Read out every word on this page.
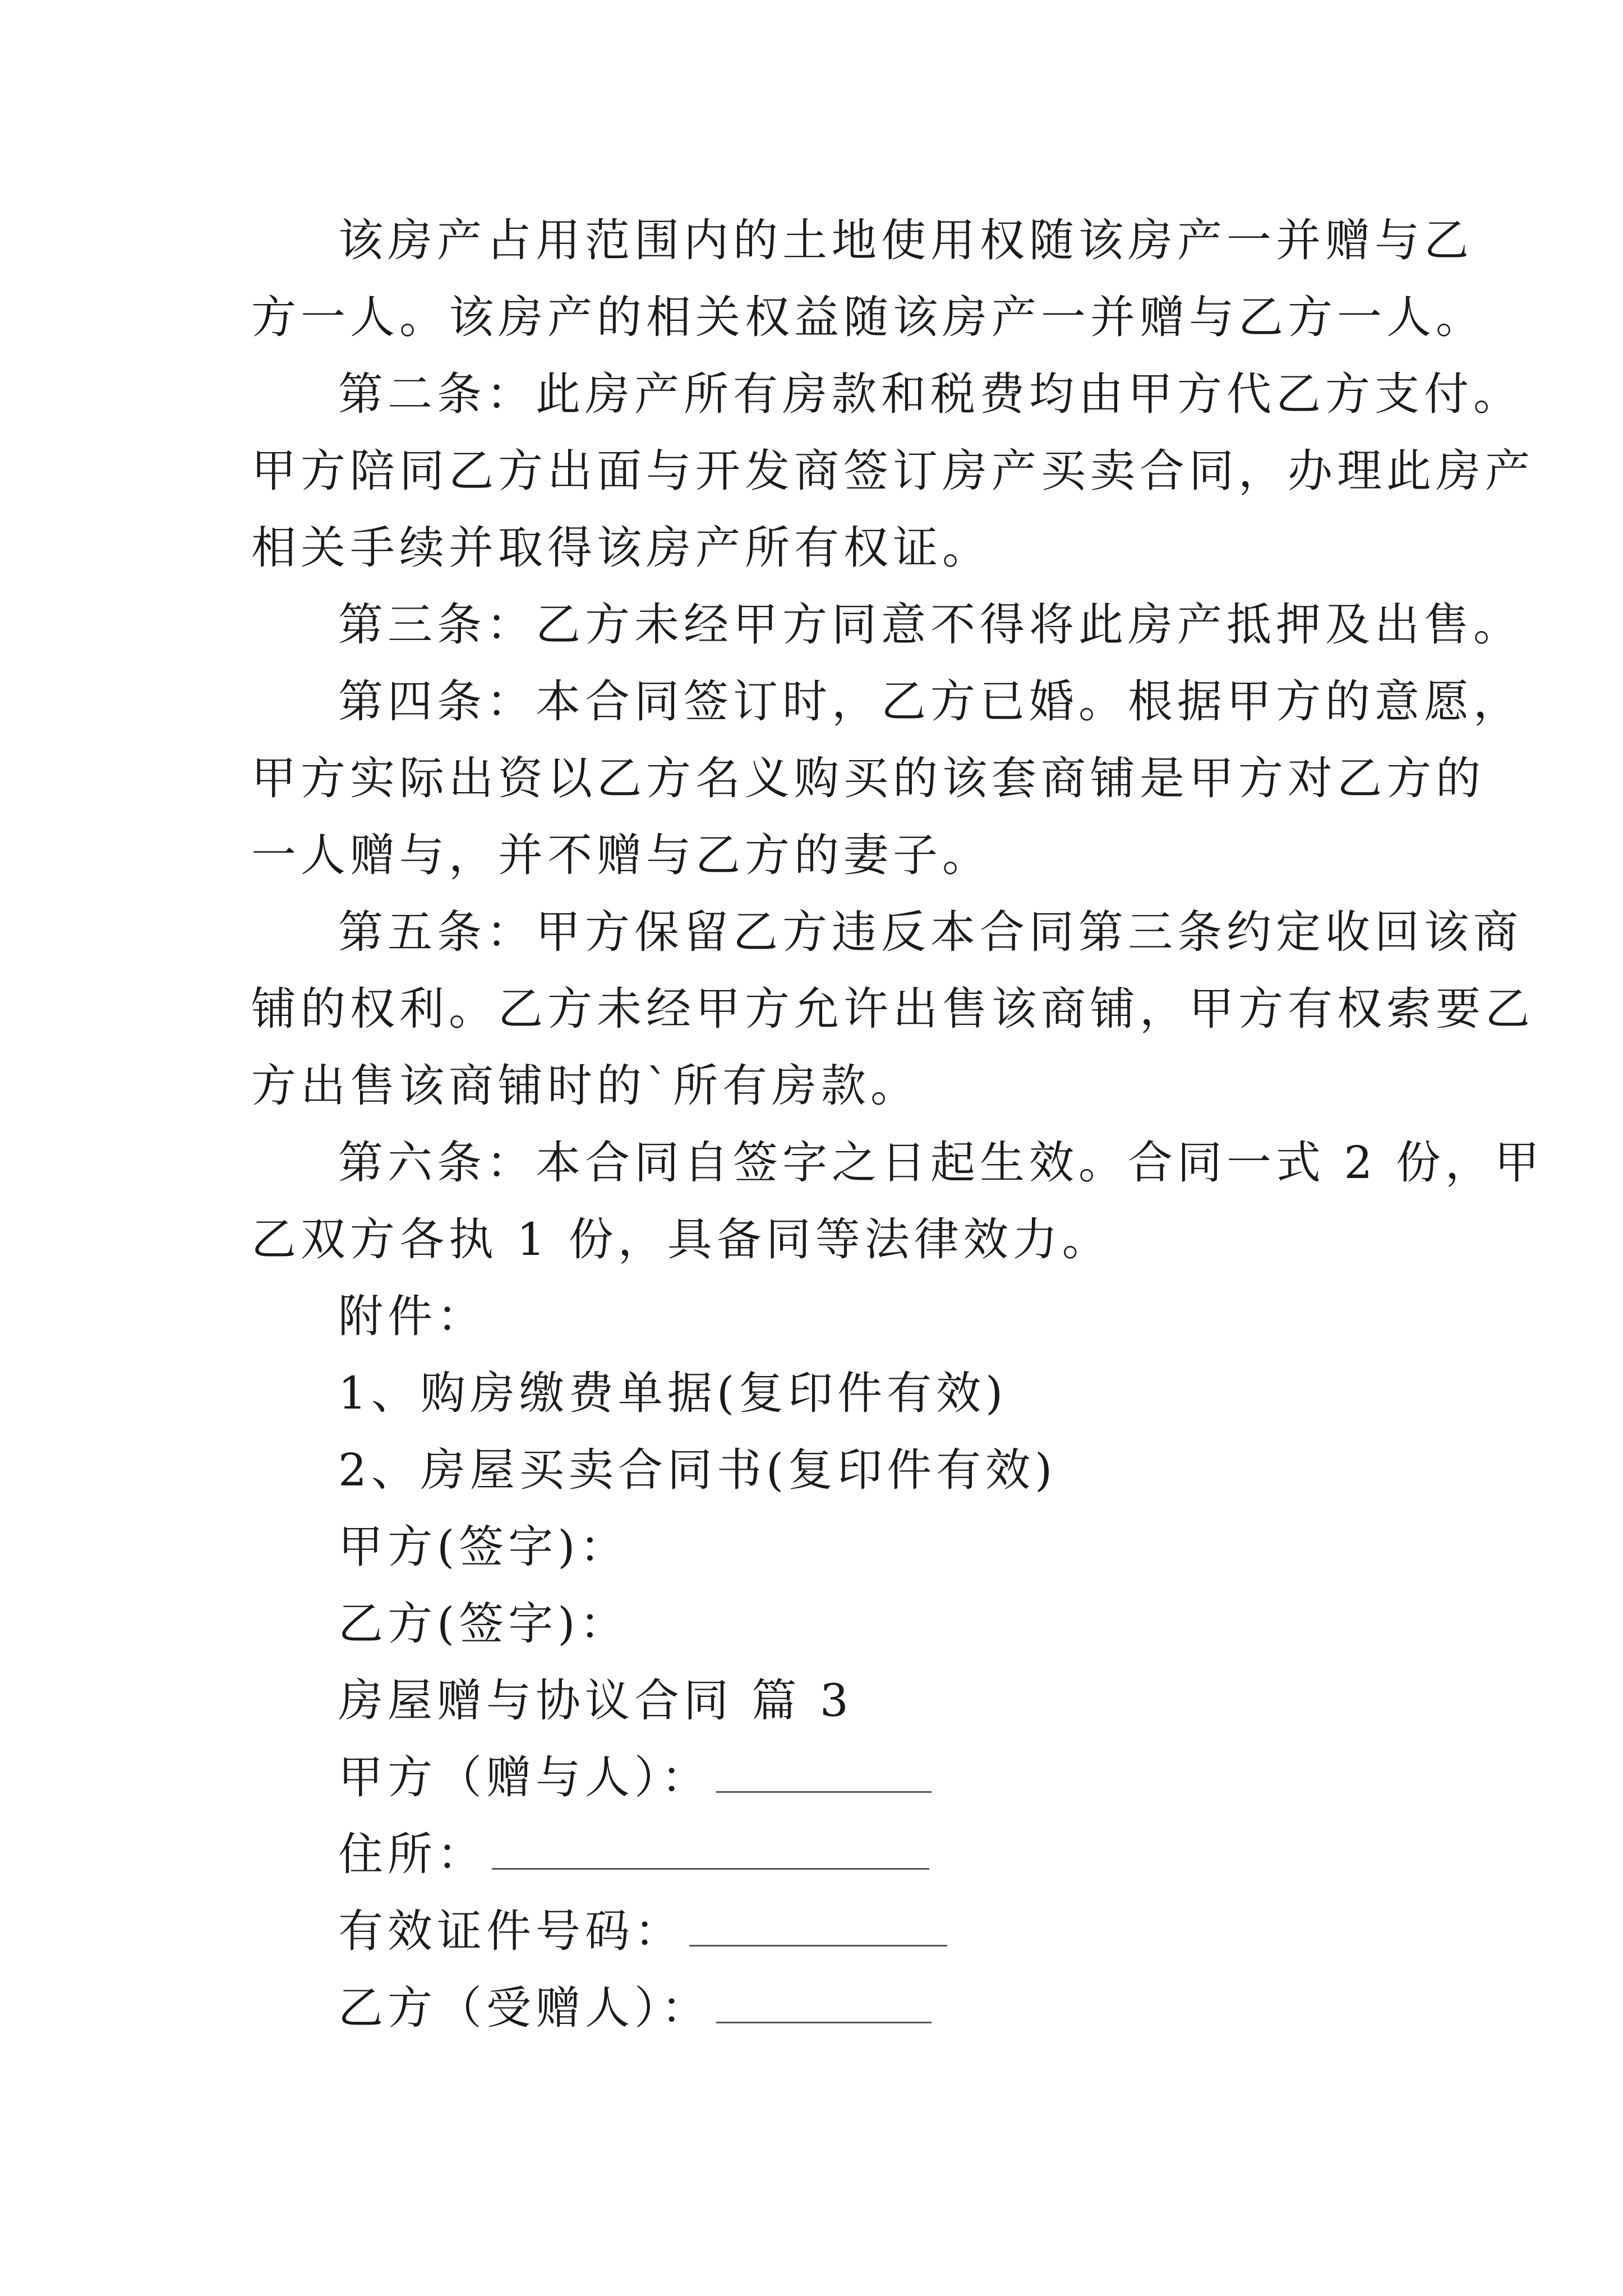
该房产占用范围内的土地使用权随该房产一并赠与乙
方一人。该房产的相关权益随该房产一并赠与乙方一人。
第二条：此房产所有房款和税费均由甲方代乙方支付。
甲方陪同乙方出面与开发商签订房产买卖合同，办理此房产
相关手续并取得该房产所有权证。
第三条：乙方未经甲方同意不得将此房产抵押及出售。
第四条：本合同签订时，乙方已婚。根据甲方的意愿，
甲方实际出资以乙方名义购买的该套商铺是甲方对乙方的
一人赠与，并不赠与乙方的妻子。
第五条：甲方保留乙方违反本合同第三条约定收回该商
铺的权利。乙方未经甲方允许出售该商铺，甲方有权索要乙
方出售该商铺时的`所有房款。
第六条：本合同自签字之日起生效。合同一式 2 份，甲
乙双方各执 1 份，具备同等法律效力。
附件：
1、购房缴费单据(复印件有效)
2、房屋买卖合同书(复印件有效)
甲方(签字)：
乙方(签字)：
房屋赠与协议合同 篇 3
甲方（赠与人）：
住所：
有效证件号码：
乙方（受赠人）：
